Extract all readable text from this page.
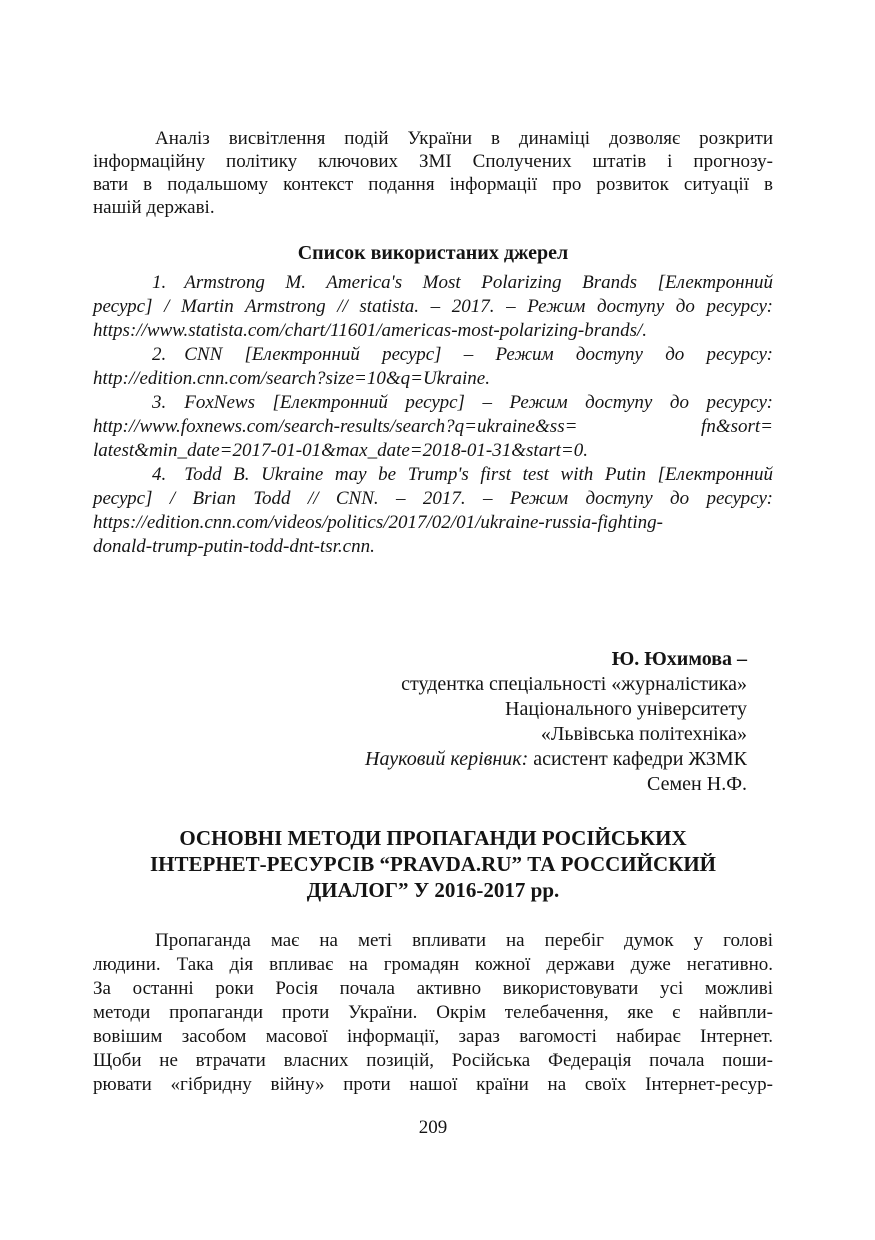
Аналіз висвітлення подій України в динаміці дозволяє розкрити
інформаційну політику ключових ЗМІ Сполучених штатів і прогнозу-
вати в подальшому контекст подання інформації про розвиток ситуації в
нашій державі.
Список використаних джерел
1. Armstrong M. America's Most Polarizing Brands [Електронний
ресурс] / Martin Armstrong // statista. – 2017. – Режим доступу до ресурсу:
https://www.statista.com/chart/11601/americas-most-polarizing-brands/.
2. CNN [Електронний ресурс] – Режим доступу до ресурсу:
http://edition.cnn.com/search?size=10&q=Ukraine.
3. FoxNews [Електронний ресурс] – Режим доступу до ресурсу:
http://www.foxnews.com/search-results/search?q=ukraine&ss= fn&sort=
latest&min_date=2017-01-01&max_date=2018-01-31&start=0.
4. Todd B. Ukraine may be Trump's first test with Putin [Електронний
ресурс] / Brian Todd // CNN. – 2017. – Режим доступу до ресурсу:
https://edition.cnn.com/videos/politics/2017/02/01/ukraine-russia-fighting-
donald-trump-putin-todd-dnt-tsr.cnn.
Ю. Юхимова –
студентка спеціальності «журналістика»
Національного університету
«Львівська політехніка»
Науковий керівник: асистент кафедри ЖЗМК
Семен Н.Ф.
ОСНОВНІ МЕТОДИ ПРОПАГАНДИ РОСІЙСЬКИХ
ІНТЕРНЕТ-РЕСУРСІВ “PRAVDA.RU” ТА РОССИЙСКИЙ
ДИАЛОГ” У 2016-2017 рр.
Пропаганда має на меті впливати на перебіг думок у голові
людини. Така дія впливає на громадян кожної держави дуже негативно.
За останні роки Росія почала активно використовувати усі можливі
методи пропаганди проти України. Окрім телебачення, яке є найвпли-
вовішим засобом масової інформації, зараз вагомості набирає Інтернет.
Щоби не втрачати власних позицій, Російська Федерація почала поши-
рювати «гібридну війну» проти нашої країни на своїх Інтернет-ресур-
209
